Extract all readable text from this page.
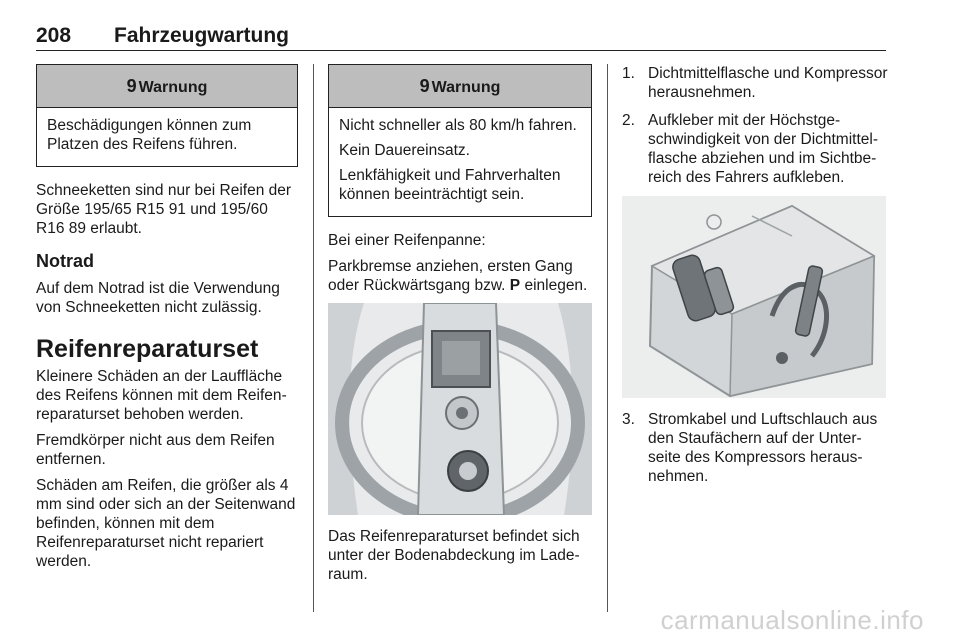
208 Fahrzeugwartung
9 Warnung

Beschädigungen können zum Platzen des Reifens führen.

Schneeketten sind nur bei Reifen der Größe 195/65 R15 91 und 195/60 R16 89 erlaubt.

Notrad

Auf dem Notrad ist die Verwendung von Schneeketten nicht zulässig.

Reifenreparaturset

Kleinere Schäden an der Lauffläche des Reifens können mit dem Reifenreparaturset behoben werden.

Fremdkörper nicht aus dem Reifen entfernen.

Schäden am Reifen, die größer als 4 mm sind oder sich an der Seitenwand befinden, können mit dem Reifenreparaturset nicht repariert werden.

9 Warnung

Nicht schneller als 80 km/h fahren.

Kein Dauereinsatz.

Lenkfähigkeit und Fahrverhalten können beeinträchtigt sein.

Bei einer Reifenpanne:

Parkbremse anziehen, ersten Gang oder Rückwärtsgang bzw. P einlegen.

Das Reifenreparaturset befindet sich unter der Bodenabdeckung im Laderaum.

1. Dichtmittelflasche und Kompressor herausnehmen.
2. Aufkleber mit der Höchstgeschwindigkeit von der Dichtmittelflasche abziehen und im Sichtbereich des Fahrers aufkleben.
3. Stromkabel und Luftschlauch aus den Staufächern auf der Unterseite des Kompressors herausnehmen.
carmanualsonline.info
